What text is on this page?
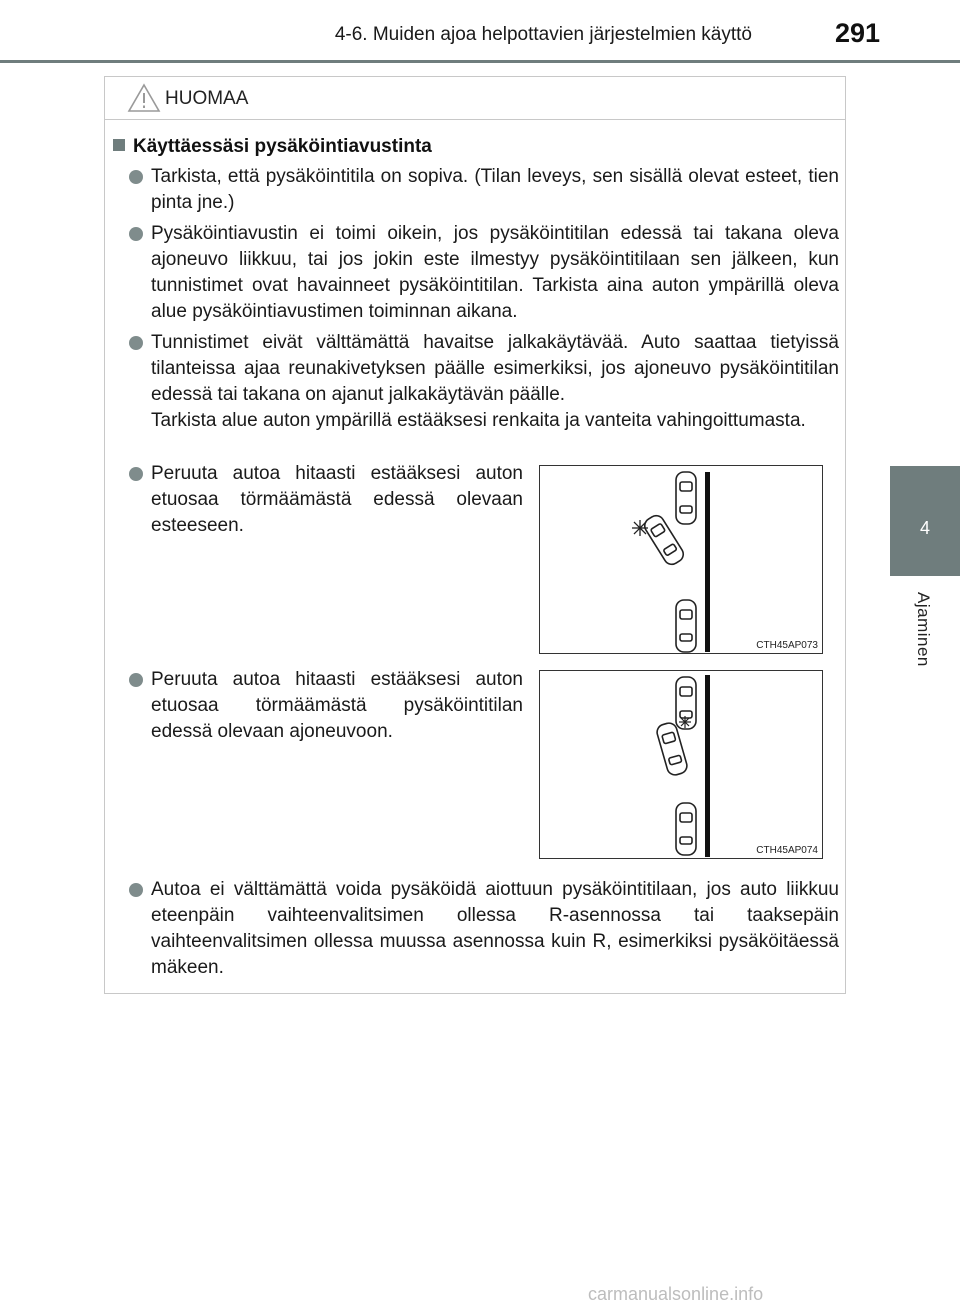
4-6. Muiden ajoa helpottavien järjestelmien käyttö	291
4
Ajaminen
HUOMAA
Käyttäessäsi pysäköintiavustinta

Tarkista, että pysäköintitila on sopiva. (Tilan leveys, sen sisällä olevat esteet, tien pinta jne.)

Pysäköintiavustin ei toimi oikein, jos pysäköintitilan edessä tai takana oleva ajoneuvo liikkuu, tai jos jokin este ilmestyy pysäköintitilaan sen jälkeen, kun tunnistimet ovat havainneet pysäköintitilan. Tarkista aina auton ympärillä oleva alue pysäköintiavustimen toiminnan aikana.

Tunnistimet eivät välttämättä havaitse jalkakäytävää. Auto saattaa tietyissä tilanteissa ajaa reunakivetyksen päälle esimerkiksi, jos ajoneuvo pysäköintitilan edessä tai takana on ajanut jalkakäytävän päälle.

Tarkista alue auton ympärillä estääksesi renkaita ja vanteita vahingoittumasta.

Peruuta autoa hitaasti estääksesi auton etuosaa törmäämästä edessä olevaan esteeseen.

Peruuta autoa hitaasti estääksesi auton etuosaa törmäämästä pysäköintitilan edessä olevaan ajoneuvoon.

Autoa ei välttämättä voida pysäköidä aiottuun pysäköintitilaan, jos auto liikkuu eteenpäin vaihteenvalitsimen ollessa R-asennossa tai taaksepäin vaihteenvalitsimen ollessa muussa asennossa kuin R, esimerkiksi pysäköitäessä mäkeen.

CTH45AP073
CTH45AP074
carmanualsonline.info
